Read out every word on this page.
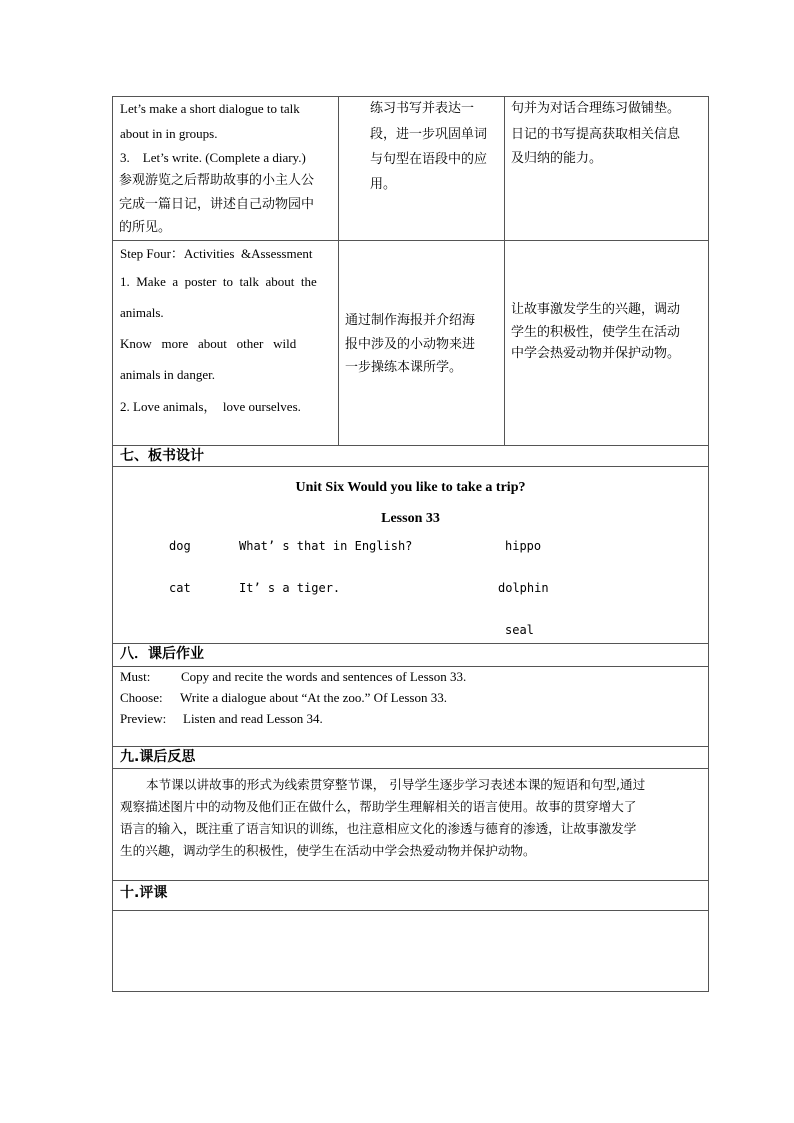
Let’s make a short dialogue to talk
about in in groups.
3.    Let’s write. (Complete a diary.)
参观游览之后帮助故事的小主人公
完成一篇日记，讲述自己动物园中
的所见。
练习书写并表达一
段，进一步巩固单词
与句型在语段中的应
用。
句并为对话合理练习做铺垫。
日记的书写提高获取相关信息
及归纳的能力。
Step Four：Activities  &Assessment
1.  Make  a  poster  to  talk  about  the
animals.
Know   more   about   other   wild
animals in danger.
2. Love animals，  love ourselves.
通过制作海报并介绍海
报中涉及的小动物来进
一步操练本课所学。
让故事激发学生的兴趣，调动
学生的积极性，使学生在活动
中学会热爱动物并保护动物。
七、板书设计
Unit Six Would you like to take a trip?
Lesson 33
dog
cat
What’ s that in English?
It’ s a tiger.
hippo
dolphin
seal
八．课后作业
Must: Copy and recite the words and sentences of Lesson 33.
Choose: Write a dialogue about “At the zoo.” Of Lesson 33.
Preview: Listen and read Lesson 34.
九.课后反思
本节课以讲故事的形式为线索贯穿整节课， 引导学生逐步学习表述本课的短语和句型,通过
观察描述图片中的动物及他们正在做什么，帮助学生理解相关的语言使用。故事的贯穿增大了
语言的输入，既注重了语言知识的训练，也注意相应文化的渗透与德育的渗透，让故事激发学
生的兴趣，调动学生的积极性，使学生在活动中学会热爱动物并保护动物。
十.评课
